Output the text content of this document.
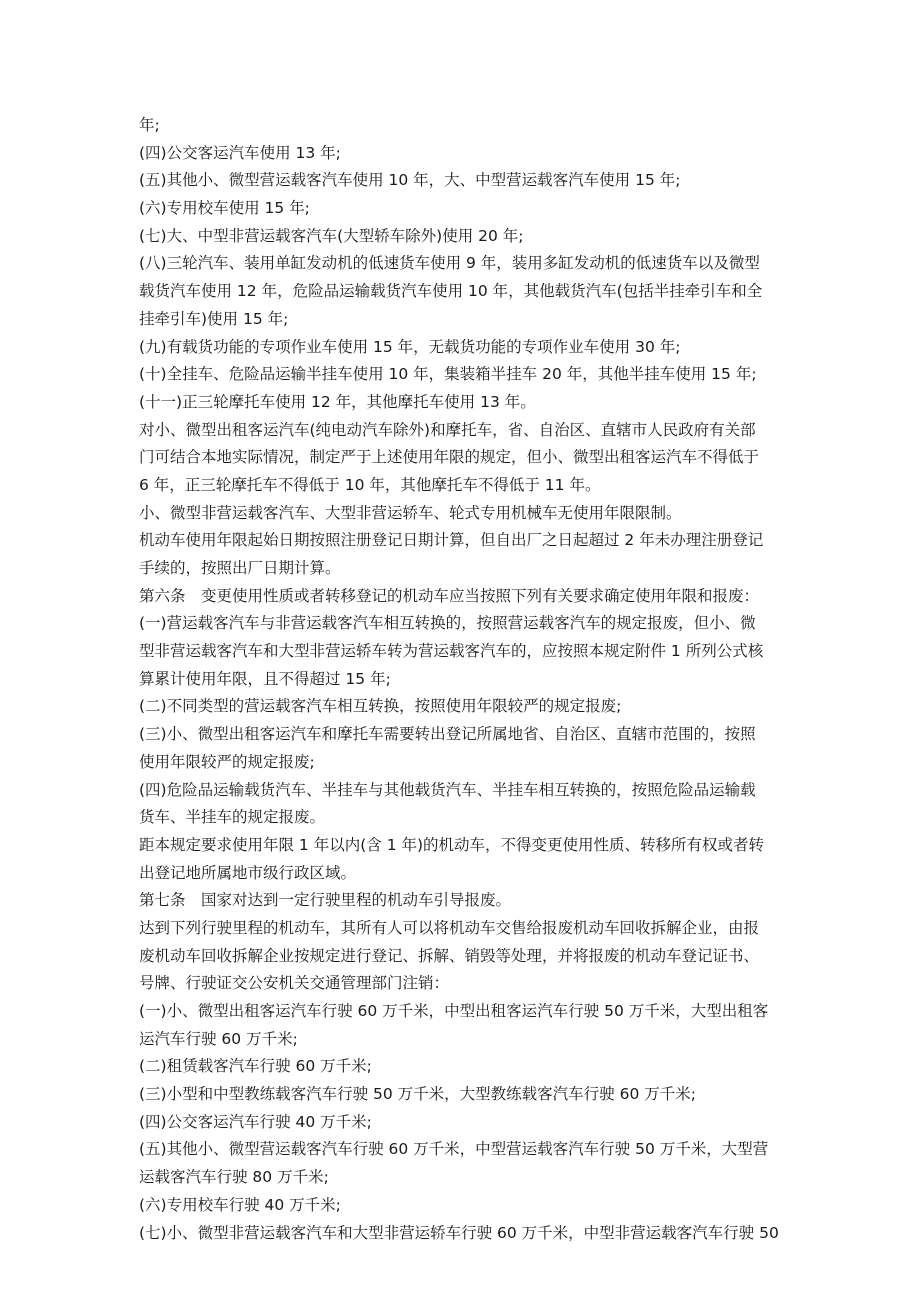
年;
(四)公交客运汽车使用 13 年;
(五)其他小、微型营运载客汽车使用 10 年，大、中型营运载客汽车使用 15 年;
(六)专用校车使用 15 年;
(七)大、中型非营运载客汽车(大型轿车除外)使用 20 年;
(八)三轮汽车、装用单缸发动机的低速货车使用 9 年，装用多缸发动机的低速货车以及微型
载货汽车使用 12 年，危险品运输载货汽车使用 10 年，其他载货汽车(包括半挂牵引车和全
挂牵引车)使用 15 年;
(九)有载货功能的专项作业车使用 15 年，无载货功能的专项作业车使用 30 年;
(十)全挂车、危险品运输半挂车使用 10 年，集装箱半挂车 20 年，其他半挂车使用 15 年;
(十一)正三轮摩托车使用 12 年，其他摩托车使用 13 年。
对小、微型出租客运汽车(纯电动汽车除外)和摩托车，省、自治区、直辖市人民政府有关部
门可结合本地实际情况，制定严于上述使用年限的规定，但小、微型出租客运汽车不得低于
6 年，正三轮摩托车不得低于 10 年，其他摩托车不得低于 11 年。
小、微型非营运载客汽车、大型非营运轿车、轮式专用机械车无使用年限限制。
机动车使用年限起始日期按照注册登记日期计算，但自出厂之日起超过 2 年未办理注册登记
手续的，按照出厂日期计算。
第六条　变更使用性质或者转移登记的机动车应当按照下列有关要求确定使用年限和报废：
(一)营运载客汽车与非营运载客汽车相互转换的，按照营运载客汽车的规定报废，但小、微
型非营运载客汽车和大型非营运轿车转为营运载客汽车的，应按照本规定附件 1 所列公式核
算累计使用年限，且不得超过 15 年;
(二)不同类型的营运载客汽车相互转换，按照使用年限较严的规定报废;
(三)小、微型出租客运汽车和摩托车需要转出登记所属地省、自治区、直辖市范围的，按照
使用年限较严的规定报废;
(四)危险品运输载货汽车、半挂车与其他载货汽车、半挂车相互转换的，按照危险品运输载
货车、半挂车的规定报废。
距本规定要求使用年限 1 年以内(含 1 年)的机动车，不得变更使用性质、转移所有权或者转
出登记地所属地市级行政区域。
第七条　国家对达到一定行驶里程的机动车引导报废。
达到下列行驶里程的机动车，其所有人可以将机动车交售给报废机动车回收拆解企业，由报
废机动车回收拆解企业按规定进行登记、拆解、销毁等处理，并将报废的机动车登记证书、
号牌、行驶证交公安机关交通管理部门注销：
(一)小、微型出租客运汽车行驶 60 万千米，中型出租客运汽车行驶 50 万千米，大型出租客
运汽车行驶 60 万千米;
(二)租赁载客汽车行驶 60 万千米;
(三)小型和中型教练载客汽车行驶 50 万千米，大型教练载客汽车行驶 60 万千米;
(四)公交客运汽车行驶 40 万千米;
(五)其他小、微型营运载客汽车行驶 60 万千米，中型营运载客汽车行驶 50 万千米，大型营
运载客汽车行驶 80 万千米;
(六)专用校车行驶 40 万千米;
(七)小、微型非营运载客汽车和大型非营运轿车行驶 60 万千米，中型非营运载客汽车行驶 50
